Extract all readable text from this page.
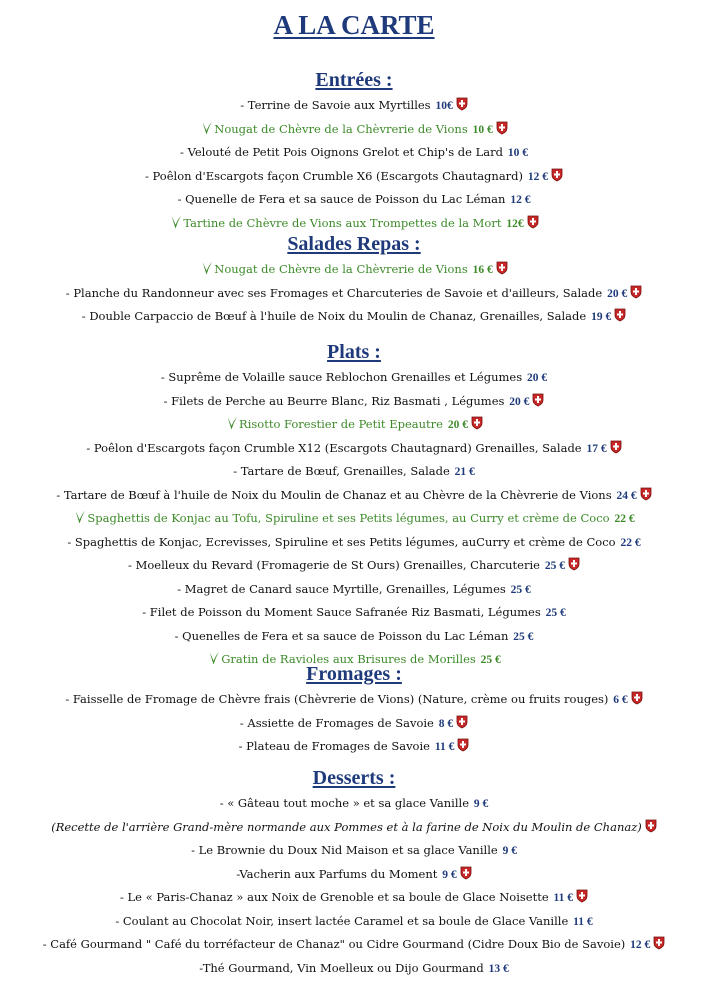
A LA CARTE
Entrées :
- Terrine de Savoie aux Myrtilles 10€
Nougat de Chèvre de la Chèvrerie de Vions 10 €
- Velouté de Petit Pois Oignons Grelot et Chip's de Lard 10 €
- Poêlon d'Escargots façon Crumble X6 (Escargots Chautagnard) 12 €
- Quenelle de Fera et sa sauce de Poisson du Lac Léman 12 €
Tartine de Chèvre de Vions aux Trompettes de la Mort 12€
Salades Repas :
Nougat de Chèvre de la Chèvrerie de Vions 16 €
- Planche du Randonneur avec ses Fromages et Charcuteries de Savoie et d'ailleurs, Salade 20 €
- Double Carpaccio de Bœuf à l'huile de Noix du Moulin de Chanaz, Grenailles, Salade 19 €
Plats :
- Suprême de Volaille sauce Reblochon Grenailles et Légumes 20 €
- Filets de Perche au Beurre Blanc, Riz Basmati , Légumes 20 €
Risotto Forestier de Petit Epeautre 20 €
- Poêlon d'Escargots façon Crumble X12 (Escargots Chautagnard) Grenailles, Salade 17 €
- Tartare de Bœuf, Grenailles, Salade 21 €
- Tartare de Bœuf à l'huile de Noix du Moulin de Chanaz et au Chèvre de la Chèvrerie de Vions 24 €
Spaghettis de Konjac au Tofu, Spiruline et ses Petits légumes, au Curry et crème de Coco 22 €
- Spaghettis de Konjac, Ecrevisses, Spiruline et ses Petits légumes, auCurry et crème de Coco 22 €
- Moelleux du Revard (Fromagerie de St Ours) Grenailles, Charcuterie 25 €
- Magret de Canard sauce Myrtille, Grenailles, Légumes 25 €
- Filet de Poisson du Moment Sauce Safranée Riz Basmati, Légumes 25 €
- Quenelles de Fera et sa sauce de Poisson du Lac Léman 25 €
Gratin de Ravioles aux Brisures de Morilles 25 €
Fromages :
- Faisselle de Fromage de Chèvre frais (Chèvrerie de Vions) (Nature, crème ou fruits rouges) 6 €
- Assiette de Fromages de Savoie 8 €
- Plateau de Fromages de Savoie 11 €
Desserts :
- « Gâteau tout moche » et sa glace Vanille 9 €
(Recette de l'arrière Grand-mère normande aux Pommes et à la farine de Noix du Moulin de Chanaz)
- Le Brownie du Doux Nid Maison et sa glace Vanille 9 €
-Vacherin aux Parfums du Moment 9 €
- Le « Paris-Chanaz » aux Noix de Grenoble et sa boule de Glace Noisette 11 €
- Coulant au Chocolat Noir, insert lactée Caramel et sa boule de Glace Vanille 11 €
- Café Gourmand " Café du torréfacteur de Chanaz" ou Cidre Gourmand (Cidre Doux Bio de Savoie) 12 €
-Thé Gourmand, Vin Moelleux ou Dijo Gourmand 13 €
